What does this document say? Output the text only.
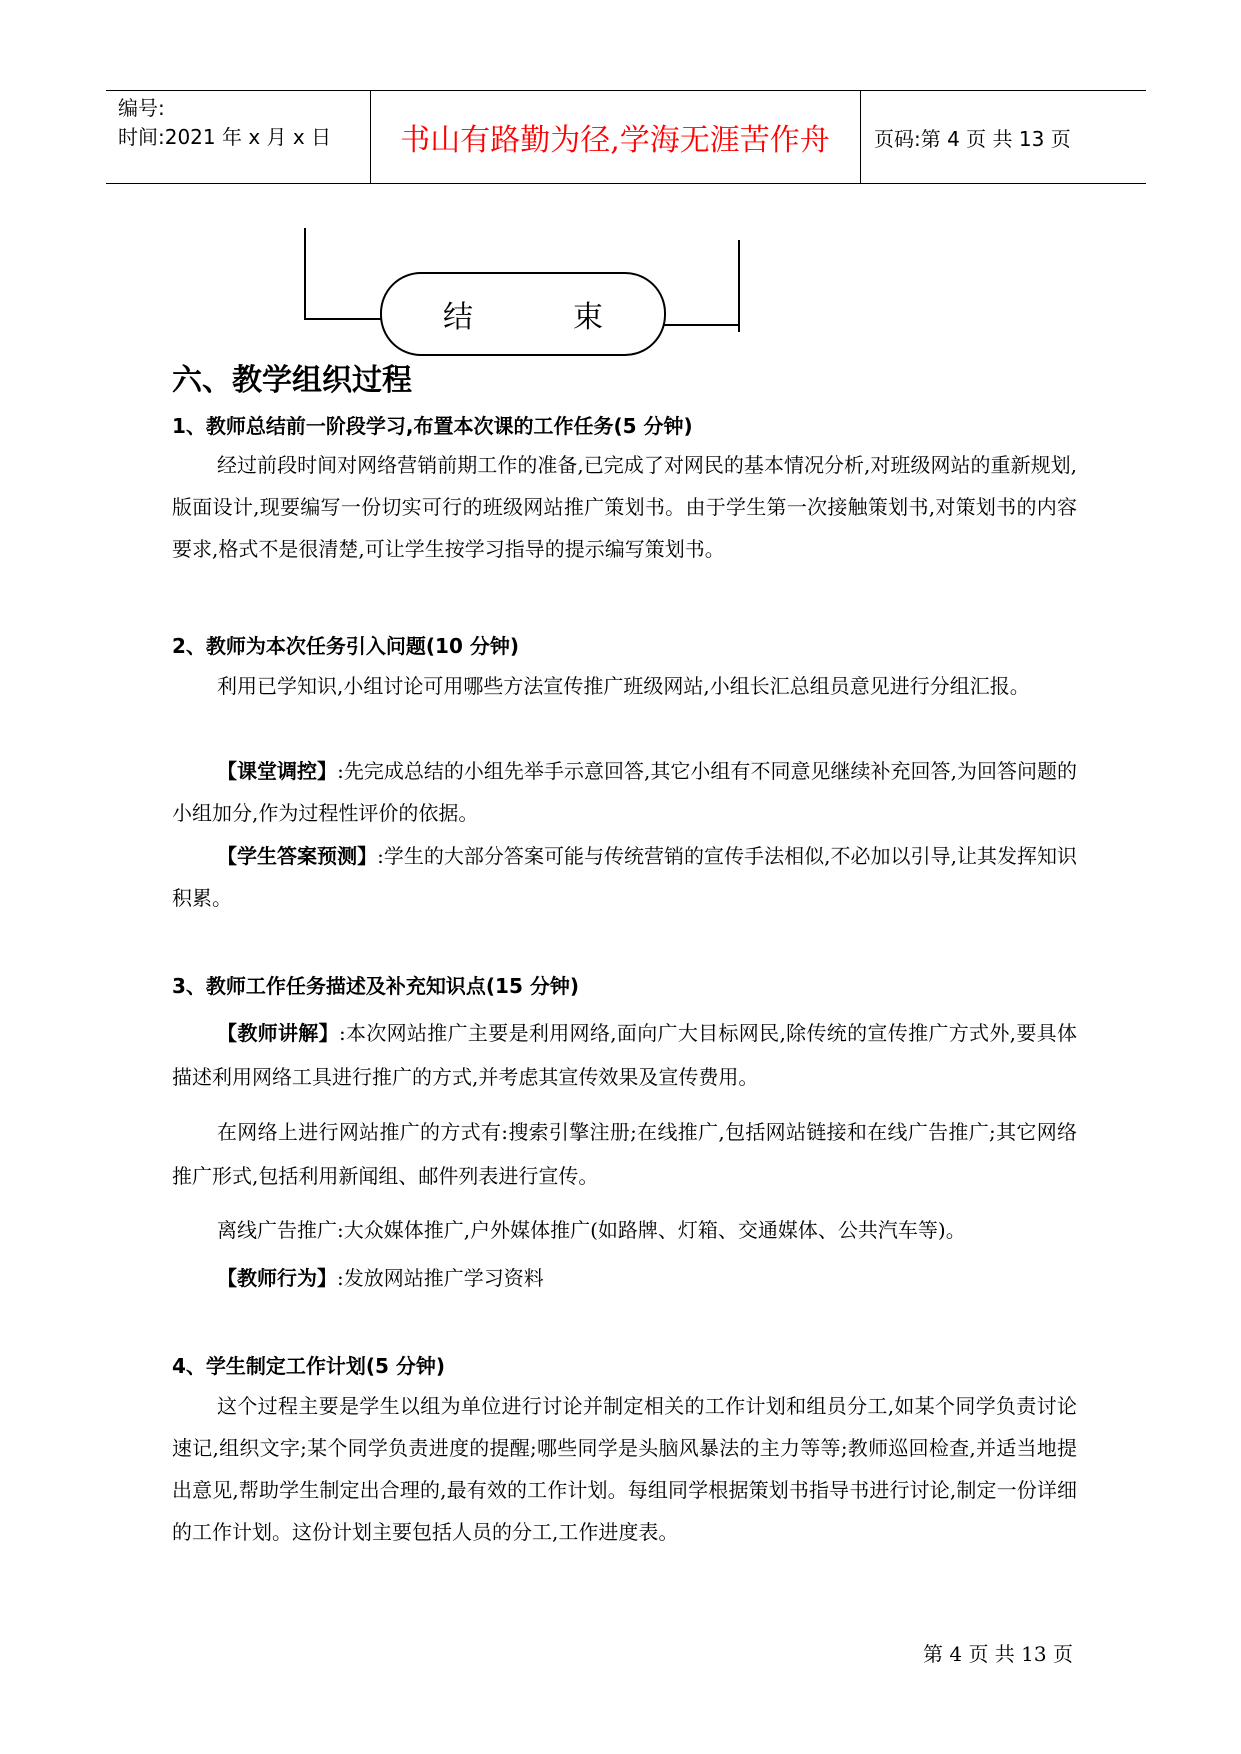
编号:
时间:2021 年 x 月 x 日	书山有路勤为径,学海无涯苦作舟	页码:第 4 页 共 13 页
结	束
六、教学组织过程
1、教师总结前一阶段学习,布置本次课的工作任务(5 分钟)
经过前段时间对网络营销前期工作的准备,已完成了对网民的基本情况分析,对班级网站的重新规划,版面设计,现要编写一份切实可行的班级网站推广策划书。由于学生第一次接触策划书,对策划书的内容要求,格式不是很清楚,可让学生按学习指导的提示编写策划书。
2、教师为本次任务引入问题(10 分钟)
利用已学知识,小组讨论可用哪些方法宣传推广班级网站,小组长汇总组员意见进行分组汇报。
【课堂调控】:先完成总结的小组先举手示意回答,其它小组有不同意见继续补充回答,为回答问题的小组加分,作为过程性评价的依据。
【学生答案预测】:学生的大部分答案可能与传统营销的宣传手法相似,不必加以引导,让其发挥知识积累。
3、教师工作任务描述及补充知识点(15 分钟)
【教师讲解】:本次网站推广主要是利用网络,面向广大目标网民,除传统的宣传推广方式外,要具体描述利用网络工具进行推广的方式,并考虑其宣传效果及宣传费用。
在网络上进行网站推广的方式有:搜索引擎注册;在线推广,包括网站链接和在线广告推广;其它网络推广形式,包括利用新闻组、邮件列表进行宣传。
离线广告推广:大众媒体推广,户外媒体推广(如路牌、灯箱、交通媒体、公共汽车等)。
【教师行为】:发放网站推广学习资料
4、学生制定工作计划(5 分钟)
这个过程主要是学生以组为单位进行讨论并制定相关的工作计划和组员分工,如某个同学负责讨论速记,组织文字;某个同学负责进度的提醒;哪些同学是头脑风暴法的主力等等;教师巡回检查,并适当地提出意见,帮助学生制定出合理的,最有效的工作计划。每组同学根据策划书指导书进行讨论,制定一份详细的工作计划。这份计划主要包括人员的分工,工作进度表。
第 4 页 共 13 页
